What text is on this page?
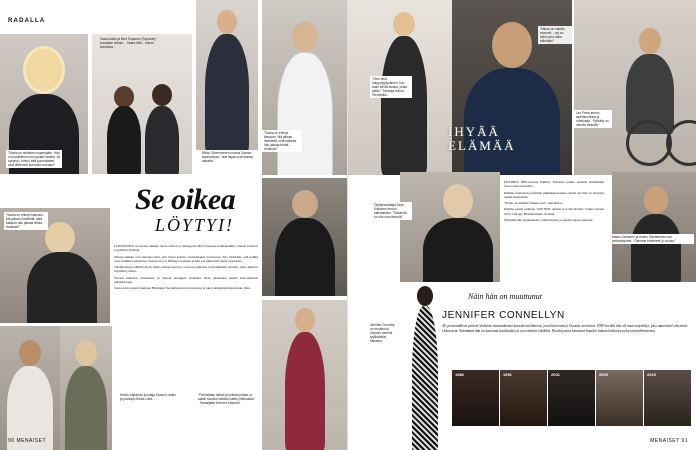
RADALLA
"Saara on sellainen superstjärn. Hän on huolellinen tosi upealle asialla. Ja nykyisin, tuntuu että suomalaiset ovat lähteneet kunnolla mukaan!"
Saara Aalto ja Meri Sopanen (Sopanen) kuvataan hiukan... Saara kiitti... toinen kuudesta...
Mikko Silvennoinen kuvitus Saaran tapahtumaa. "Isät hajaa ovat ihanaa katsella."
"Saara on ehtinyt kasvuun. Mä jaksan ihmetellä, mitä kaikkea hän jaksaa tehdä... Huikeaa!"
Se oikea
LÖYTYI!

LONTOOSTA on tulossa huikea Saara Aallon ja managerin Meri Sopasen keikkapaikka. Naiset loistivat ja juhlivat yhdessä.

Ohessa kaikki ovat tietoisia siitä, että Saara kohtaa vastustajansa Lontoossa. Nyt tiedetään, että kaikki ovat valmiina tukemaan. Saaran ura on lähtenyt nousuun ja hän saa jatkuvasti uusia tarjouksia.

Tapahtumassa nähtiin myös muita tuttuja kasvoja. Lontoon juhlassa oli kymmeniä vieraita, jotka juhlivat myöhään yöhön.

Vieraat kehuivat tunnelmaa ja Saaran energistä olemusta. Illan päätteeksi kaikki kokoontuivat yhteiskuvaan.

Saara Aalto tapasi fanejaan Helsingin Stockmannin tavaratalossa ja jakoi nimikirjoituksia koko illan.

"Saara on ehtinyt kasvuun. Mä jaksan ihmetellä, mitä kaikkea hän jaksaa tehdä... Huikeaa!"
Kiroilu-ohjelman juontaja Samuli Laukki ja juontaja Sirkka-Liisa...
"Parhaillaan tanssi ja leikkaa juhlaa, ja kaikki muuttui meidän kaikki juhlinnasta." - Tanssijatar Hanna Lehtonen.
90 MENAISET
"Olen aina huipputyytyväinen, kun saan tehdä asioita, joista pidän." Tanssija Minna Tervamäki...
"Minua on katottu monesti... nyt on tullut uusi vaihe elämään!"
IHYÄÄ ELÄMÄÄ
Leo Petra kertoo avoimuudesta ja urheilusta. "Pyöräily on minulle tärkeää."
Olympiavoittaja Tarja Kiiskinen kertoo elämästään. "Tärkeintä on olla oma itsensä."

ENTINEN NHL-pelaaja Kimmo Timonen puhuu uudesta elämästään Saara Aallon rinnalla.

Kimmo tunnetaan parhaiten jääkiekkouraansa, mutta nyt hän on siirtynyt uusiin haasteisiin.

"Perhe on minulle tärkein asia", hän kertoo.

Kimmo pelasi urallaan 1108 NHL-ottelua ja voitti Stanley Cupin vuonna 2015 Chicago Blackhawksin riveissä.

Nykyään hän työskentelee valmentajana ja nauttii vapaa-ajastaan.

Marko Jantunen ja Antero Mertaranta ovat ystävystyneet. "Olemme tunteneet jo vuosia."
Jennifer Connelly on muuttunut vuosien varrella tyylikkääksi naiseksi.
Näin hän on muuttunut
JENNIFER CONNELLYN
49, persoonalliset piirteet yhdistää ensimmäisenä kauniin mielikuvan, jossa hän esiintyi Oscarin arvoisesti. 1980-luvulla hän oli nuori näyttelijä, joka tunnettiin Labyrintti-elokuvasta. Sittemmin hän on kasvanut kuuluisaksi ja arvostetuksi tähdeksi. Brooklynissa kasvanut Jennifer haluaa keskittyä nykyisin perheeseensä.
1986	1991	2001	2009	2015
MENAISET 91
